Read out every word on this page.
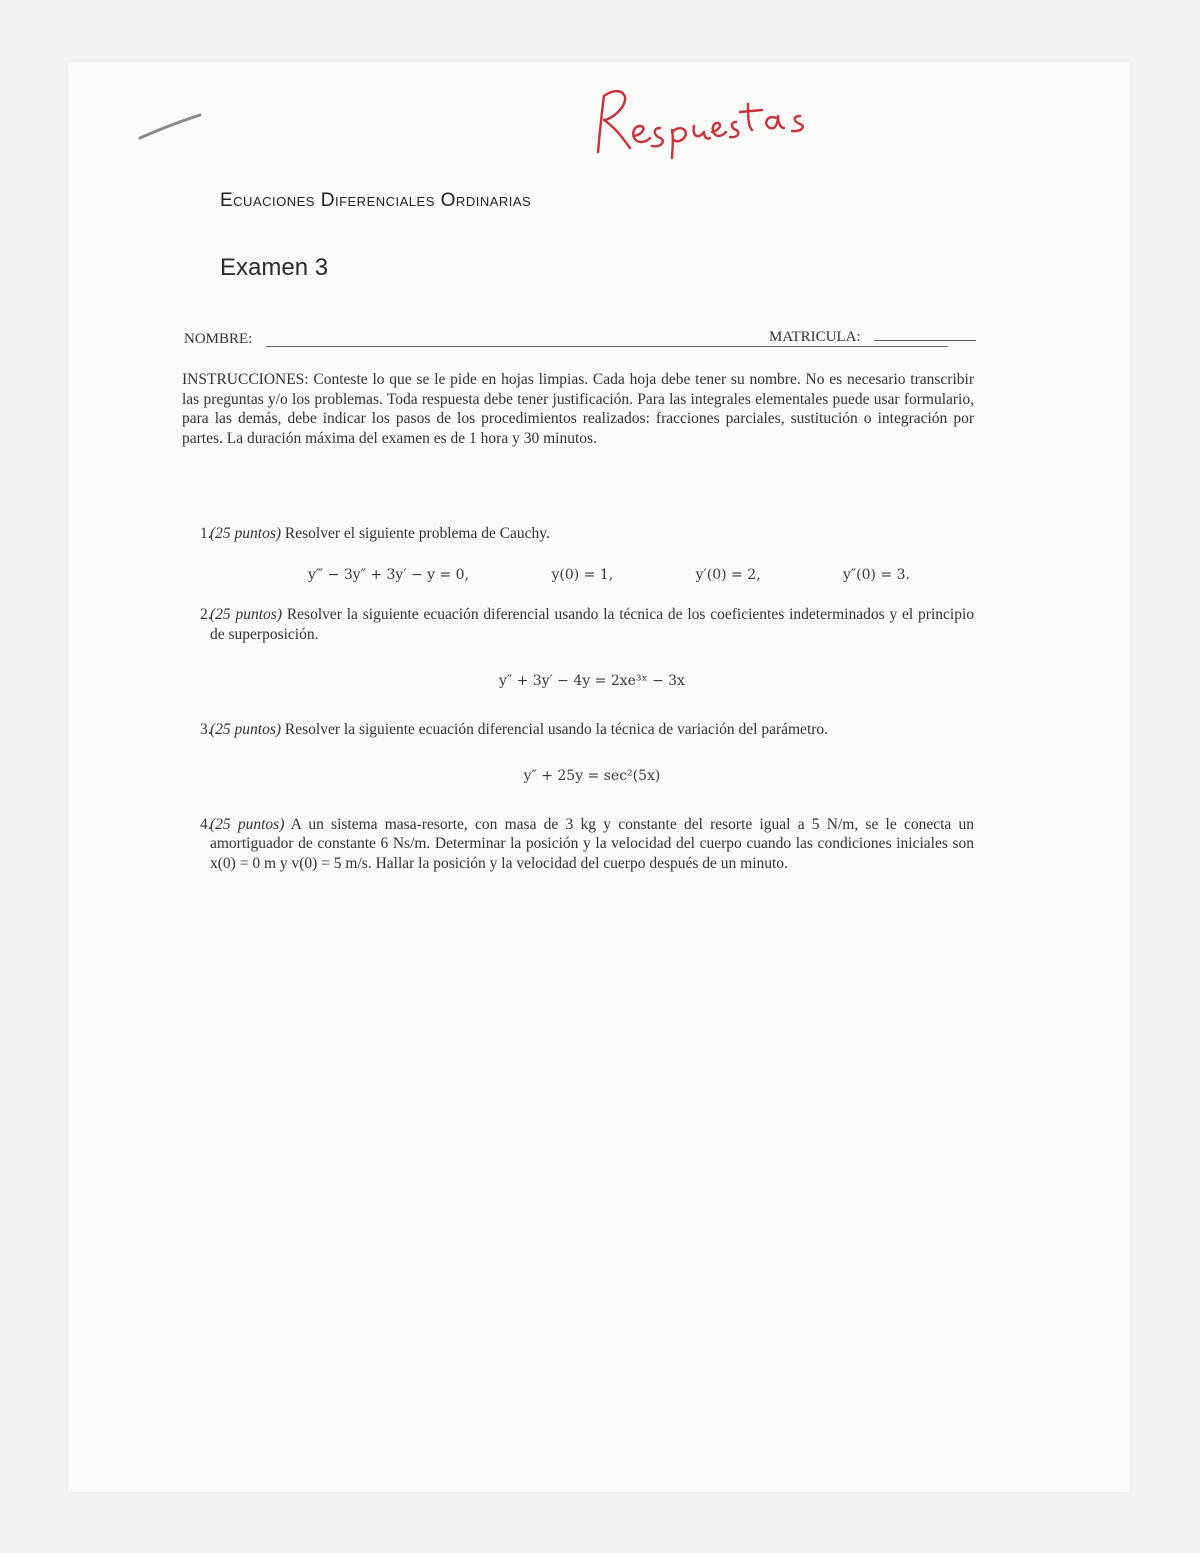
Ecuaciones Diferenciales Ordinarias
Examen 3
NOMBRE:	MATRICULA:

INSTRUCCIONES: Conteste lo que se le pide en hojas limpias. Cada hoja debe tener su nombre. No es necesario transcribir las preguntas y/o los problemas. Toda respuesta debe tener justificación. Para las integrales elementales puede usar formulario, para las demás, debe indicar los pasos de los procedimientos realizados: fracciones parciales, sustitución o integración por partes. La duración máxima del examen es de 1 hora y 30 minutos.

1.
(25 puntos) Resolver el siguiente problema de Cauchy.
y‴ − 3y″ + 3y′ − y = 0,	y(0) = 1,	y′(0) = 2,	y″(0) = 3.
2.
(25 puntos) Resolver la siguiente ecuación diferencial usando la técnica de los coeficientes indeterminados y el principio de superposición.
y″ + 3y′ − 4y = 2xe³ˣ − 3x
3.
(25 puntos) Resolver la siguiente ecuación diferencial usando la técnica de variación del parámetro.
y″ + 25y = sec²(5x)
4.
(25 puntos) A un sistema masa-resorte, con masa de 3 kg y constante del resorte igual a 5 N/m, se le conecta un amortiguador de constante 6 Ns/m. Determinar la posición y la velocidad del cuerpo cuando las condiciones iniciales son x(0) = 0 m y v(0) = 5 m/s. Hallar la posición y la velocidad del cuerpo después de un minuto.
